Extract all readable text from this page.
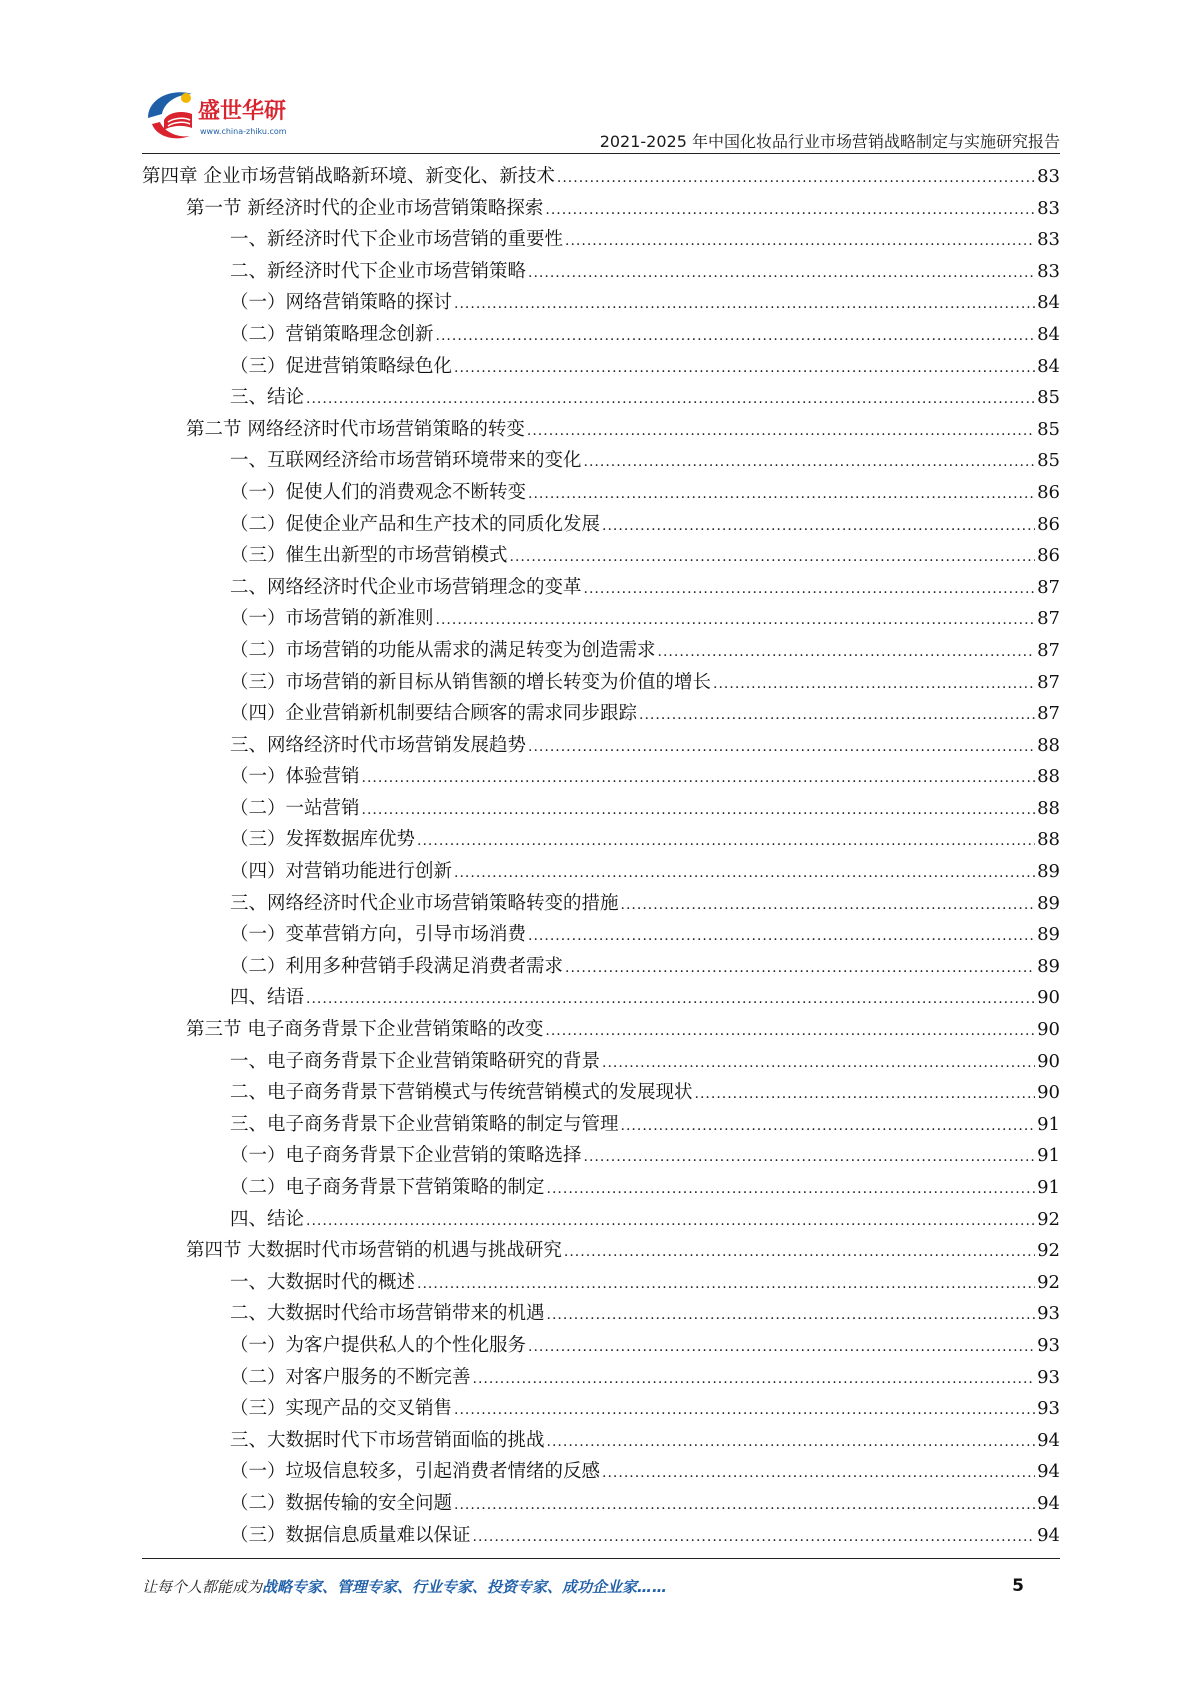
盛世华研
www.china-zhiku.com
2021-2025 年中国化妆品行业市场营销战略制定与实施研究报告
第四章 企业市场营销战略新环境、新变化、新技术 .....	83
第一节 新经济时代的企业市场营销策略探索 .....	83
一、新经济时代下企业市场营销的重要性 .....	83
二、新经济时代下企业市场营销策略 .....	83
（一）网络营销策略的探讨 .....	84
（二）营销策略理念创新 .....	84
（三）促进营销策略绿色化 .....	84
三、结论 .....	85
第二节 网络经济时代市场营销策略的转变 .....	85
一、互联网经济给市场营销环境带来的变化 .....	85
（一）促使人们的消费观念不断转变 .....	86
（二）促使企业产品和生产技术的同质化发展 .....	86
（三）催生出新型的市场营销模式 .....	86
二、网络经济时代企业市场营销理念的变革 .....	87
（一）市场营销的新准则 .....	87
（二）市场营销的功能从需求的满足转变为创造需求 .....	87
（三）市场营销的新目标从销售额的增长转变为价值的增长 .....	87
（四）企业营销新机制要结合顾客的需求同步跟踪 .....	87
三、网络经济时代市场营销发展趋势 .....	88
（一）体验营销 .....	88
（二）一站营销 .....	88
（三）发挥数据库优势 .....	88
（四）对营销功能进行创新 .....	89
三、网络经济时代企业市场营销策略转变的措施 .....	89
（一）变革营销方向，引导市场消费 .....	89
（二）利用多种营销手段满足消费者需求 .....	89
四、结语 .....	90
第三节 电子商务背景下企业营销策略的改变 .....	90
一、电子商务背景下企业营销策略研究的背景 .....	90
二、电子商务背景下营销模式与传统营销模式的发展现状 .....	90
三、电子商务背景下企业营销策略的制定与管理 .....	91
（一）电子商务背景下企业营销的策略选择 .....	91
（二）电子商务背景下营销策略的制定 .....	91
四、结论 .....	92
第四节 大数据时代市场营销的机遇与挑战研究 .....	92
一、大数据时代的概述 .....	92
二、大数据时代给市场营销带来的机遇 .....	93
（一）为客户提供私人的个性化服务 .....	93
（二）对客户服务的不断完善 .....	93
（三）实现产品的交叉销售 .....	93
三、大数据时代下市场营销面临的挑战 .....	94
（一）垃圾信息较多，引起消费者情绪的反感 .....	94
（二）数据传输的安全问题 .....	94
（三）数据信息质量难以保证 .....	94
让每个人都能成为战略专家、管理专家、行业专家、投资专家、成功企业家……	5
